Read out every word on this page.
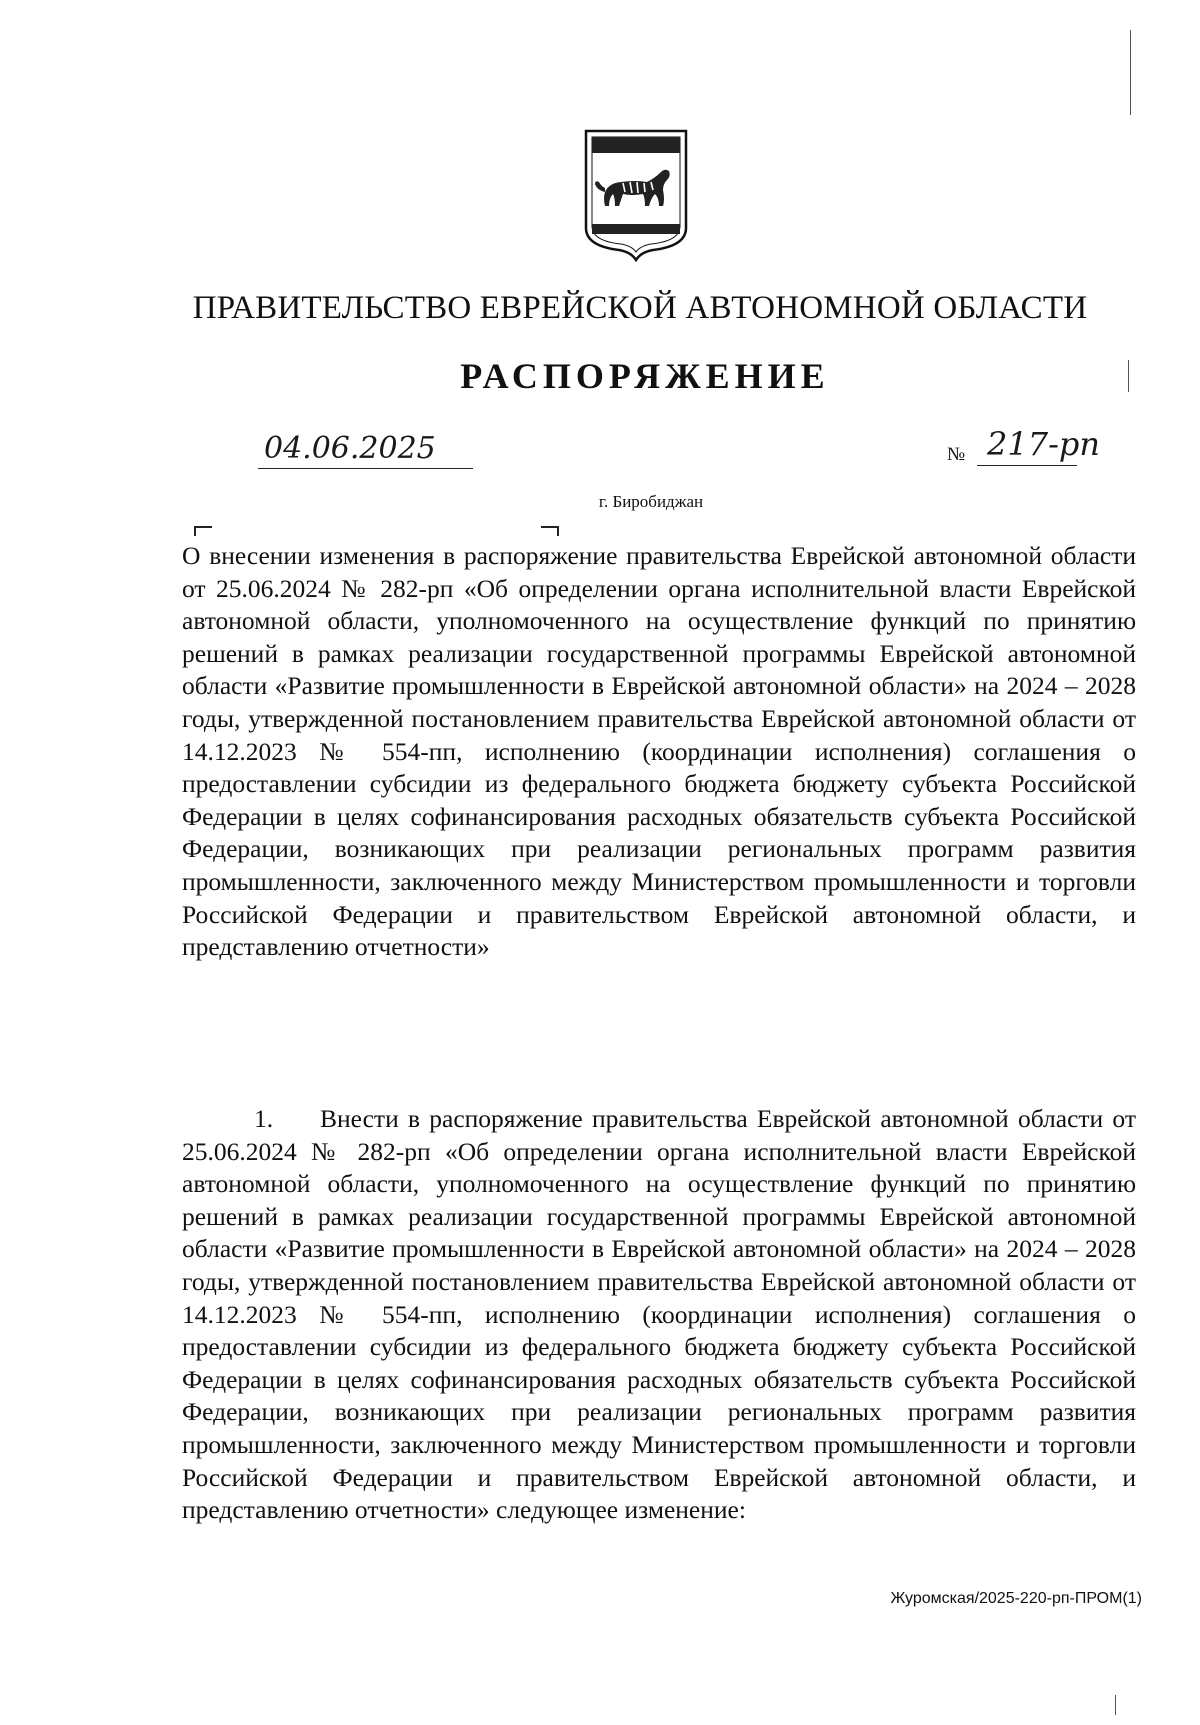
ПРАВИТЕЛЬСТВО ЕВРЕЙСКОЙ АВТОНОМНОЙ ОБЛАСТИ
РАСПОРЯЖЕНИЕ
04.06.2025	№ 217-рп
г. Биробиджан
О внесении изменения в распоряжение правительства Еврейской автономной области от 25.06.2024 № 282-рп «Об определении органа исполнительной власти Еврейской автономной области, уполномоченного на осуществление функций по принятию решений в рамках реализации государственной программы Еврейской автономной области «Развитие промышленности в Еврейской автономной области» на 2024 – 2028 годы, утвержденной постановлением правительства Еврейской автономной области от 14.12.2023 № 554-пп, исполнению (координации исполнения) соглашения о предоставлении субсидии из федерального бюджета бюджету субъекта Российской Федерации в целях софинансирования расходных обязательств субъекта Российской Федерации, возникающих при реализации региональных программ развития промышленности, заключенного между Министерством промышленности и торговли Российской Федерации и правительством Еврейской автономной области, и представлению отчетности»
1. Внести в распоряжение правительства Еврейской автономной области от 25.06.2024 № 282-рп «Об определении органа исполнительной власти Еврейской автономной области, уполномоченного на осуществление функций по принятию решений в рамках реализации государственной программы Еврейской автономной области «Развитие промышленности в Еврейской автономной области» на 2024 – 2028 годы, утвержденной постановлением правительства Еврейской автономной области от 14.12.2023 № 554-пп, исполнению (координации исполнения) соглашения о предоставлении субсидии из федерального бюджета бюджету субъекта Российской Федерации в целях софинансирования расходных обязательств субъекта Российской Федерации, возникающих при реализации региональных программ развития промышленности, заключенного между Министерством промышленности и торговли Российской Федерации и правительством Еврейской автономной области, и представлению отчетности» следующее изменение:
Журомская/2025-220-рп-ПРОМ(1)
